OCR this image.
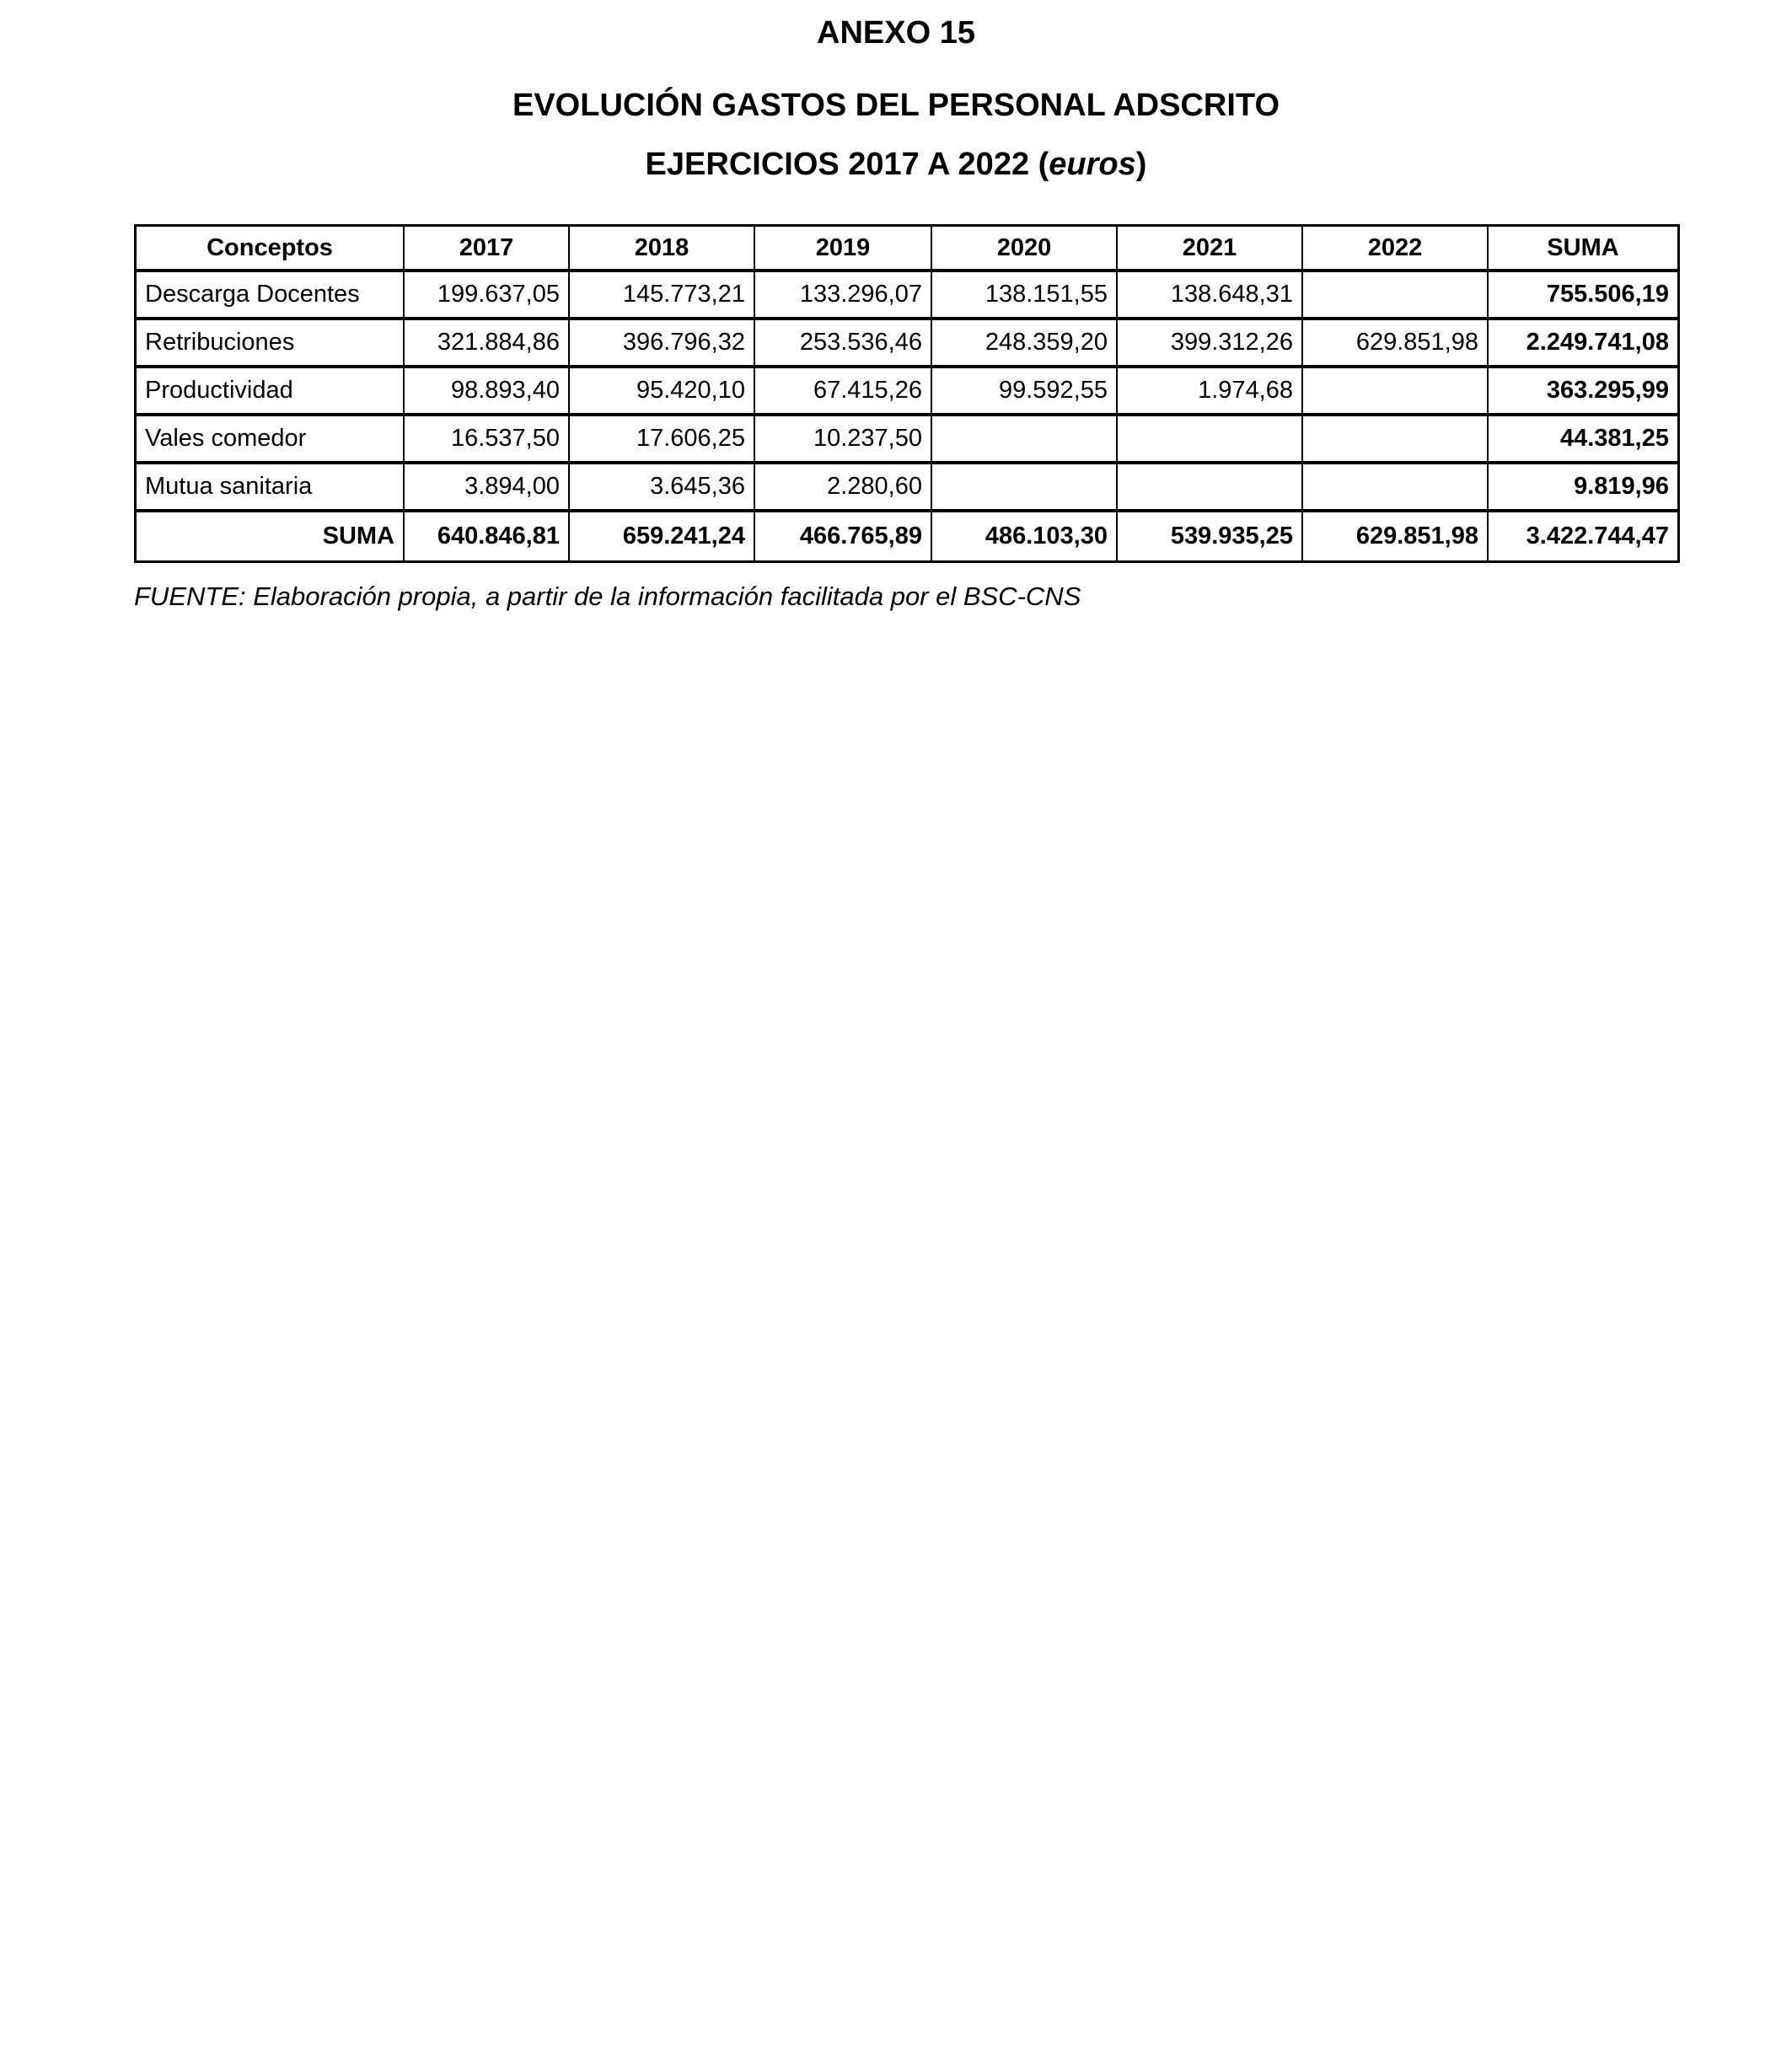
ANEXO 15
EVOLUCIÓN GASTOS DEL PERSONAL ADSCRITO
EJERCICIOS 2017 A 2022 (euros)
Conceptos	2017	2018	2019	2020	2021	2022	SUMA
Descarga Docentes	199.637,05	145.773,21	133.296,07	138.151,55	138.648,31		755.506,19
Retribuciones	321.884,86	396.796,32	253.536,46	248.359,20	399.312,26	629.851,98	2.249.741,08
Productividad	98.893,40	95.420,10	67.415,26	99.592,55	1.974,68		363.295,99
Vales comedor	16.537,50	17.606,25	10.237,50				44.381,25
Mutua sanitaria	3.894,00	3.645,36	2.280,60				9.819,96
SUMA	640.846,81	659.241,24	466.765,89	486.103,30	539.935,25	629.851,98	3.422.744,47
FUENTE: Elaboración propia, a partir de la información facilitada por el BSC-CNS
